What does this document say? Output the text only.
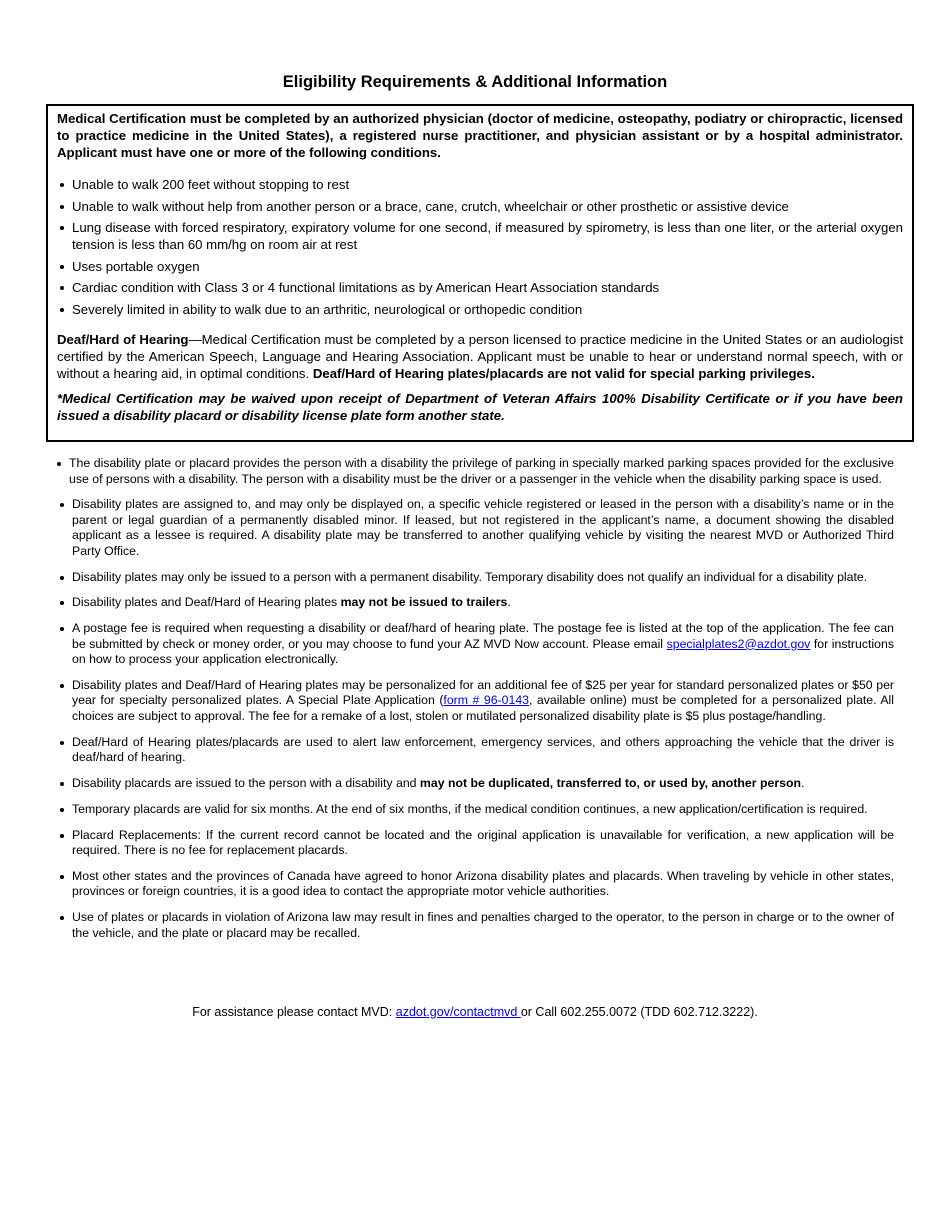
Eligibility Requirements & Additional Information

Medical Certification must be completed by an authorized physician (doctor of medicine, osteopathy, podiatry or chiropractic, licensed to practice medicine in the United States), a registered nurse practitioner, and physician assistant or by a hospital administrator. Applicant must have one or more of the following conditions.

Unable to walk 200 feet without stopping to rest
Unable to walk without help from another person or a brace, cane, crutch, wheelchair or other prosthetic or assistive device
Lung disease with forced respiratory, expiratory volume for one second, if measured by spirometry, is less than one liter, or the arterial oxygen tension is less than 60 mm/hg on room air at rest
Uses portable oxygen
Cardiac condition with Class 3 or 4 functional limitations as by American Heart Association standards
Severely limited in ability to walk due to an arthritic, neurological or orthopedic condition

Deaf/Hard of Hearing—Medical Certification must be completed by a person licensed to practice medicine in the United States or an audiologist certified by the American Speech, Language and Hearing Association. Applicant must be unable to hear or understand normal speech, with or without a hearing aid, in optimal conditions. Deaf/Hard of Hearing plates/placards are not valid for special parking privileges.

*Medical Certification may be waived upon receipt of Department of Veteran Affairs 100% Disability Certificate or if you have been issued a disability placard or disability license plate form another state.

The disability plate or placard provides the person with a disability the privilege of parking in specially marked parking spaces provided for the exclusive use of persons with a disability. The person with a disability must be the driver or a passenger in the vehicle when the disability parking space is used.
Disability plates are assigned to, and may only be displayed on, a specific vehicle registered or leased in the person with a disability’s name or in the parent or legal guardian of a permanently disabled minor. If leased, but not registered in the applicant’s name, a document showing the disabled applicant as a lessee is required. A disability plate may be transferred to another qualifying vehicle by visiting the nearest MVD or Authorized Third Party Office.
Disability plates may only be issued to a person with a permanent disability. Temporary disability does not qualify an individual for a disability plate.
Disability plates and Deaf/Hard of Hearing plates may not be issued to trailers.
A postage fee is required when requesting a disability or deaf/hard of hearing plate. The postage fee is listed at the top of the application. The fee can be submitted by check or money order, or you may choose to fund your AZ MVD Now account. Please email specialplates2@azdot.gov for instructions on how to process your application electronically.
Disability plates and Deaf/Hard of Hearing plates may be personalized for an additional fee of $25 per year for standard personalized plates or $50 per year for specialty personalized plates. A Special Plate Application (form # 96-0143, available online) must be completed for a personalized plate. All choices are subject to approval. The fee for a remake of a lost, stolen or mutilated personalized disability plate is $5 plus postage/handling.
Deaf/Hard of Hearing plates/placards are used to alert law enforcement, emergency services, and others approaching the vehicle that the driver is deaf/hard of hearing.
Disability placards are issued to the person with a disability and may not be duplicated, transferred to, or used by, another person.
Temporary placards are valid for six months. At the end of six months, if the medical condition continues, a new application/certification is required.
Placard Replacements: If the current record cannot be located and the original application is unavailable for verification, a new application will be required. There is no fee for replacement placards.
Most other states and the provinces of Canada have agreed to honor Arizona disability plates and placards. When traveling by vehicle in other states, provinces or foreign countries, it is a good idea to contact the appropriate motor vehicle authorities.
Use of plates or placards in violation of Arizona law may result in fines and penalties charged to the operator, to the person in charge or to the owner of the vehicle, and the plate or placard may be recalled.
For assistance please contact MVD: azdot.gov/contactmvd or Call 602.255.0072 (TDD 602.712.3222).
